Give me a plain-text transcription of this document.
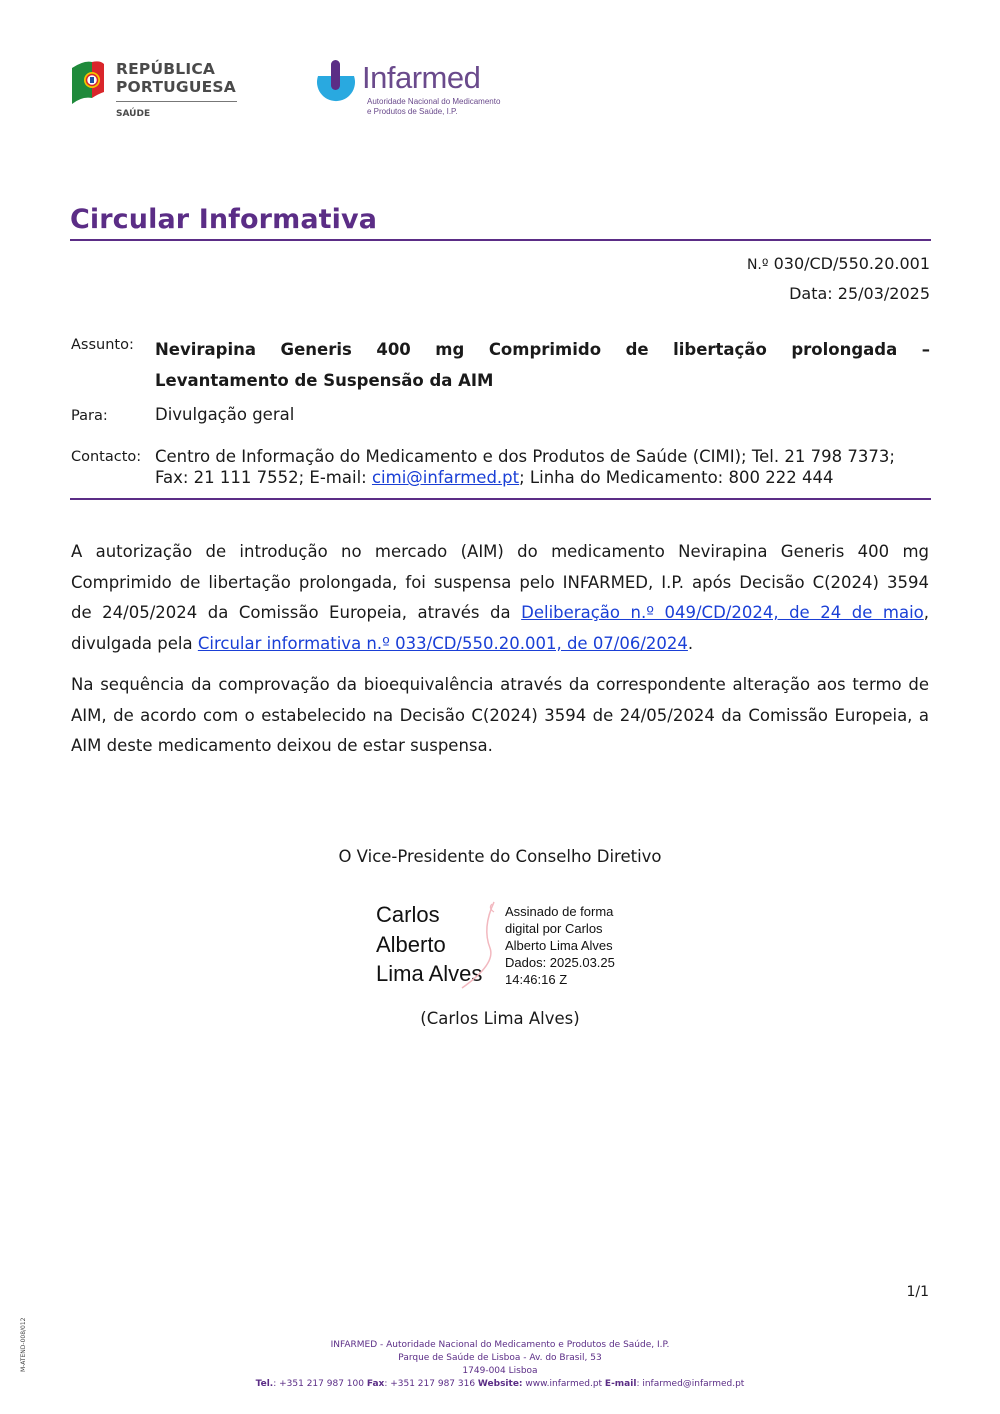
REPÚBLICA
PORTUGUESA
SAÚDE
Infarmed
Autoridade Nacional do Medicamento
e Produtos de Saúde, I.P.
Circular Informativa
N.º 030/CD/550.20.001
Data: 25/03/2025
Assunto: Nevirapina Generis 400 mg Comprimido de libertação prolongada –
Levantamento de Suspensão da AIM
Para:	Divulgação geral
Contacto: Centro de Informação do Medicamento e dos Produtos de Saúde (CIMI); Tel. 21 798 7373;
Fax: 21 111 7552; E-mail: cimi@infarmed.pt; Linha do Medicamento: 800 222 444
A autorização de introdução no mercado (AIM) do medicamento Nevirapina Generis 400 mg
Comprimido de libertação prolongada, foi suspensa pelo INFARMED, I.P. após Decisão C(2024) 3594
de 24/05/2024 da Comissão Europeia, através da Deliberação n.º 049/CD/2024, de 24 de maio,
divulgada pela Circular informativa n.º 033/CD/550.20.001, de 07/06/2024.
Na sequência da comprovação da bioequivalência através da correspondente alteração aos termo de AIM, de acordo com o estabelecido na Decisão C(2024) 3594 de 24/05/2024 da Comissão Europeia, a AIM deste medicamento deixou de estar suspensa.
O Vice-Presidente do Conselho Diretivo
Carlos
Alberto
Lima Alves
Assinado de forma
digital por Carlos
Alberto Lima Alves
Dados: 2025.03.25
14:46:16 Z
(Carlos Lima Alves)
1/1
M-ATEND-008/012	INFARMED - Autoridade Nacional do Medicamento e Produtos de Saúde, I.P.
Parque de Saúde de Lisboa - Av. do Brasil, 53
1749-004 Lisboa
Tel.: +351 217 987 100 Fax: +351 217 987 316 Website: www.infarmed.pt E-mail: infarmed@infarmed.pt
